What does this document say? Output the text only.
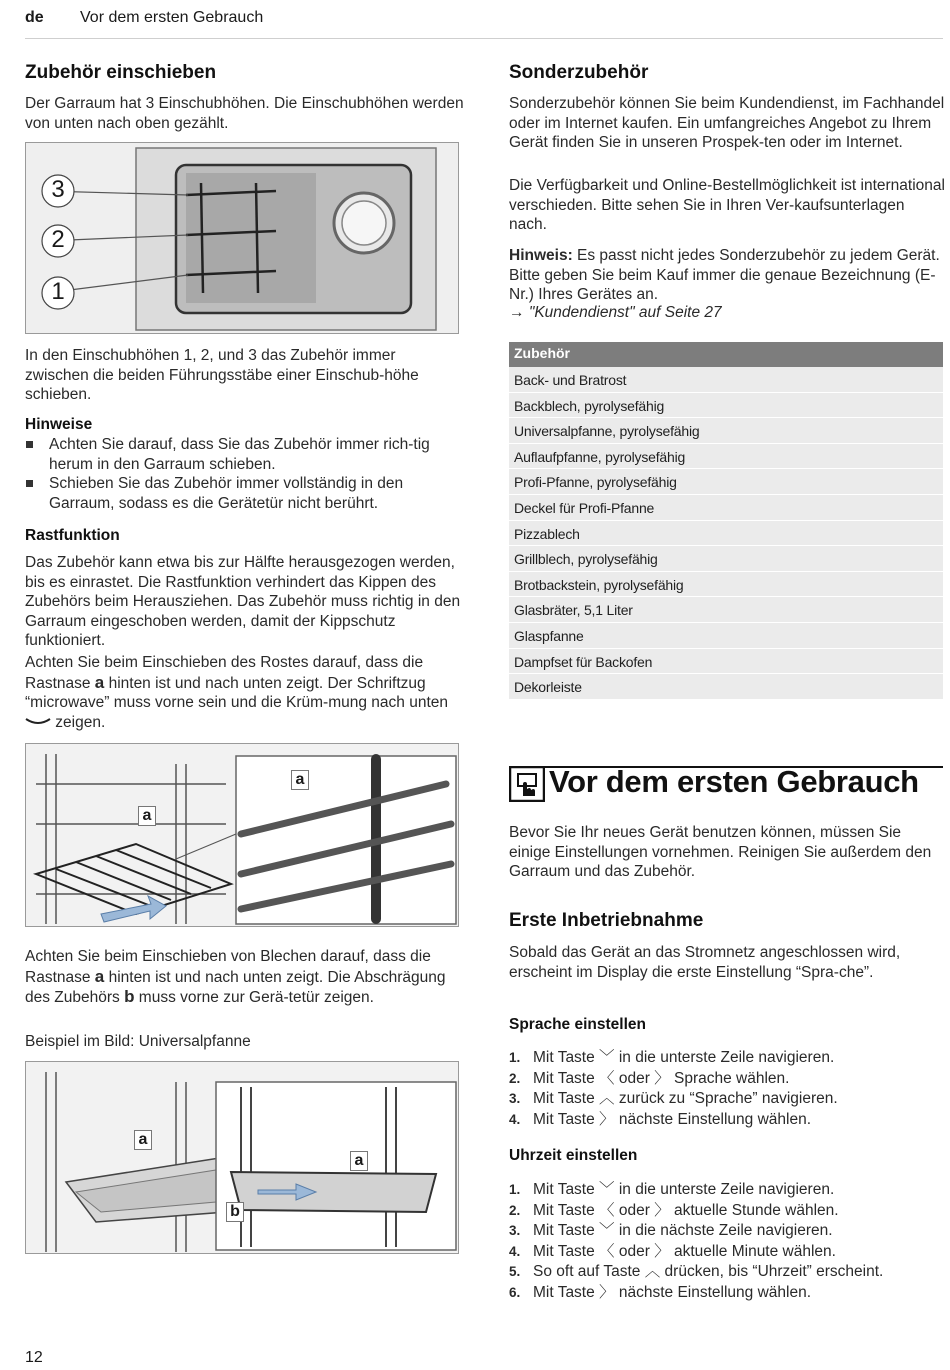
de Vor dem ersten Gebrauch
Zubehör einschieben
Der Garraum hat 3 Einschubhöhen. Die Einschubhöhen werden von unten nach oben gezählt.
3
2
1
In den Einschubhöhen 1, 2, und 3 das Zubehör immer zwischen die beiden Führungsstäbe einer Einschub-höhe schieben.
Hinweise
Achten Sie darauf, dass Sie das Zubehör immer rich-tig herum in den Garraum schieben.
Schieben Sie das Zubehör immer vollständig in den Garraum, sodass es die Gerätetür nicht berührt.
Rastfunktion
Das Zubehör kann etwa bis zur Hälfte herausgezogen werden, bis es einrastet. Die Rastfunktion verhindert das Kippen des Zubehörs beim Herausziehen. Das Zubehör muss richtig in den Garraum eingeschoben werden, damit der Kippschutz funktioniert.
Achten Sie beim Einschieben des Rostes darauf, dass die Rastnase a hinten ist und nach unten zeigt. Der Schriftzug “microwave” muss vorne sein und die Krüm-mung nach unten  zeigen.
a
a
Achten Sie beim Einschieben von Blechen darauf, dass die Rastnase a hinten ist und nach unten zeigt. Die Abschrägung des Zubehörs b muss vorne zur Gerä-tetür zeigen.
Beispiel im Bild: Universalpfanne
a
a
b
Sonderzubehör
Sonderzubehör können Sie beim Kundendienst, im Fachhandel oder im Internet kaufen. Ein umfangreiches Angebot zu Ihrem Gerät finden Sie in unseren Prospek-ten oder im Internet.
Die Verfügbarkeit und Online-Bestellmöglichkeit ist international verschieden. Bitte sehen Sie in Ihren Ver-kaufsunterlagen nach.
Hinweis: Es passt nicht jedes Sonderzubehör zu jedem Gerät. Bitte geben Sie beim Kauf immer die genaue Bezeichnung (E-Nr.) Ihres Gerätes an.
→ "Kundendienst" auf Seite 27
Zubehör
Back- und Bratrost
Backblech, pyrolysefähig
Universalpfanne, pyrolysefähig
Auflaufpfanne, pyrolysefähig
Profi-Pfanne, pyrolysefähig
Deckel für Profi-Pfanne
Pizzablech
Grillblech, pyrolysefähig
Brotbackstein, pyrolysefähig
Glasbräter, 5,1 Liter
Glaspfanne
Dampfset für Backofen
Dekorleiste
Vor dem ersten Gebrauch
Bevor Sie Ihr neues Gerät benutzen können, müssen Sie einige Einstellungen vornehmen. Reinigen Sie außerdem den Garraum und das Zubehör.
Erste Inbetriebnahme
Sobald das Gerät an das Stromnetz angeschlossen wird, erscheint im Display die erste Einstellung “Spra-che”.
Sprache einstellen
1. Mit Taste ﹀ in die unterste Zeile navigieren.
2. Mit Taste 〈 oder 〉 Sprache wählen.
3. Mit Taste ︿ zurück zu “Sprache” navigieren.
4. Mit Taste 〉 nächste Einstellung wählen.
Uhrzeit einstellen
1. Mit Taste ﹀ in die unterste Zeile navigieren.
2. Mit Taste 〈 oder 〉 aktuelle Stunde wählen.
3. Mit Taste ﹀ in die nächste Zeile navigieren.
4. Mit Taste 〈 oder 〉 aktuelle Minute wählen.
5. So oft auf Taste ︿ drücken, bis “Uhrzeit” erscheint.
6. Mit Taste 〉 nächste Einstellung wählen.
12
